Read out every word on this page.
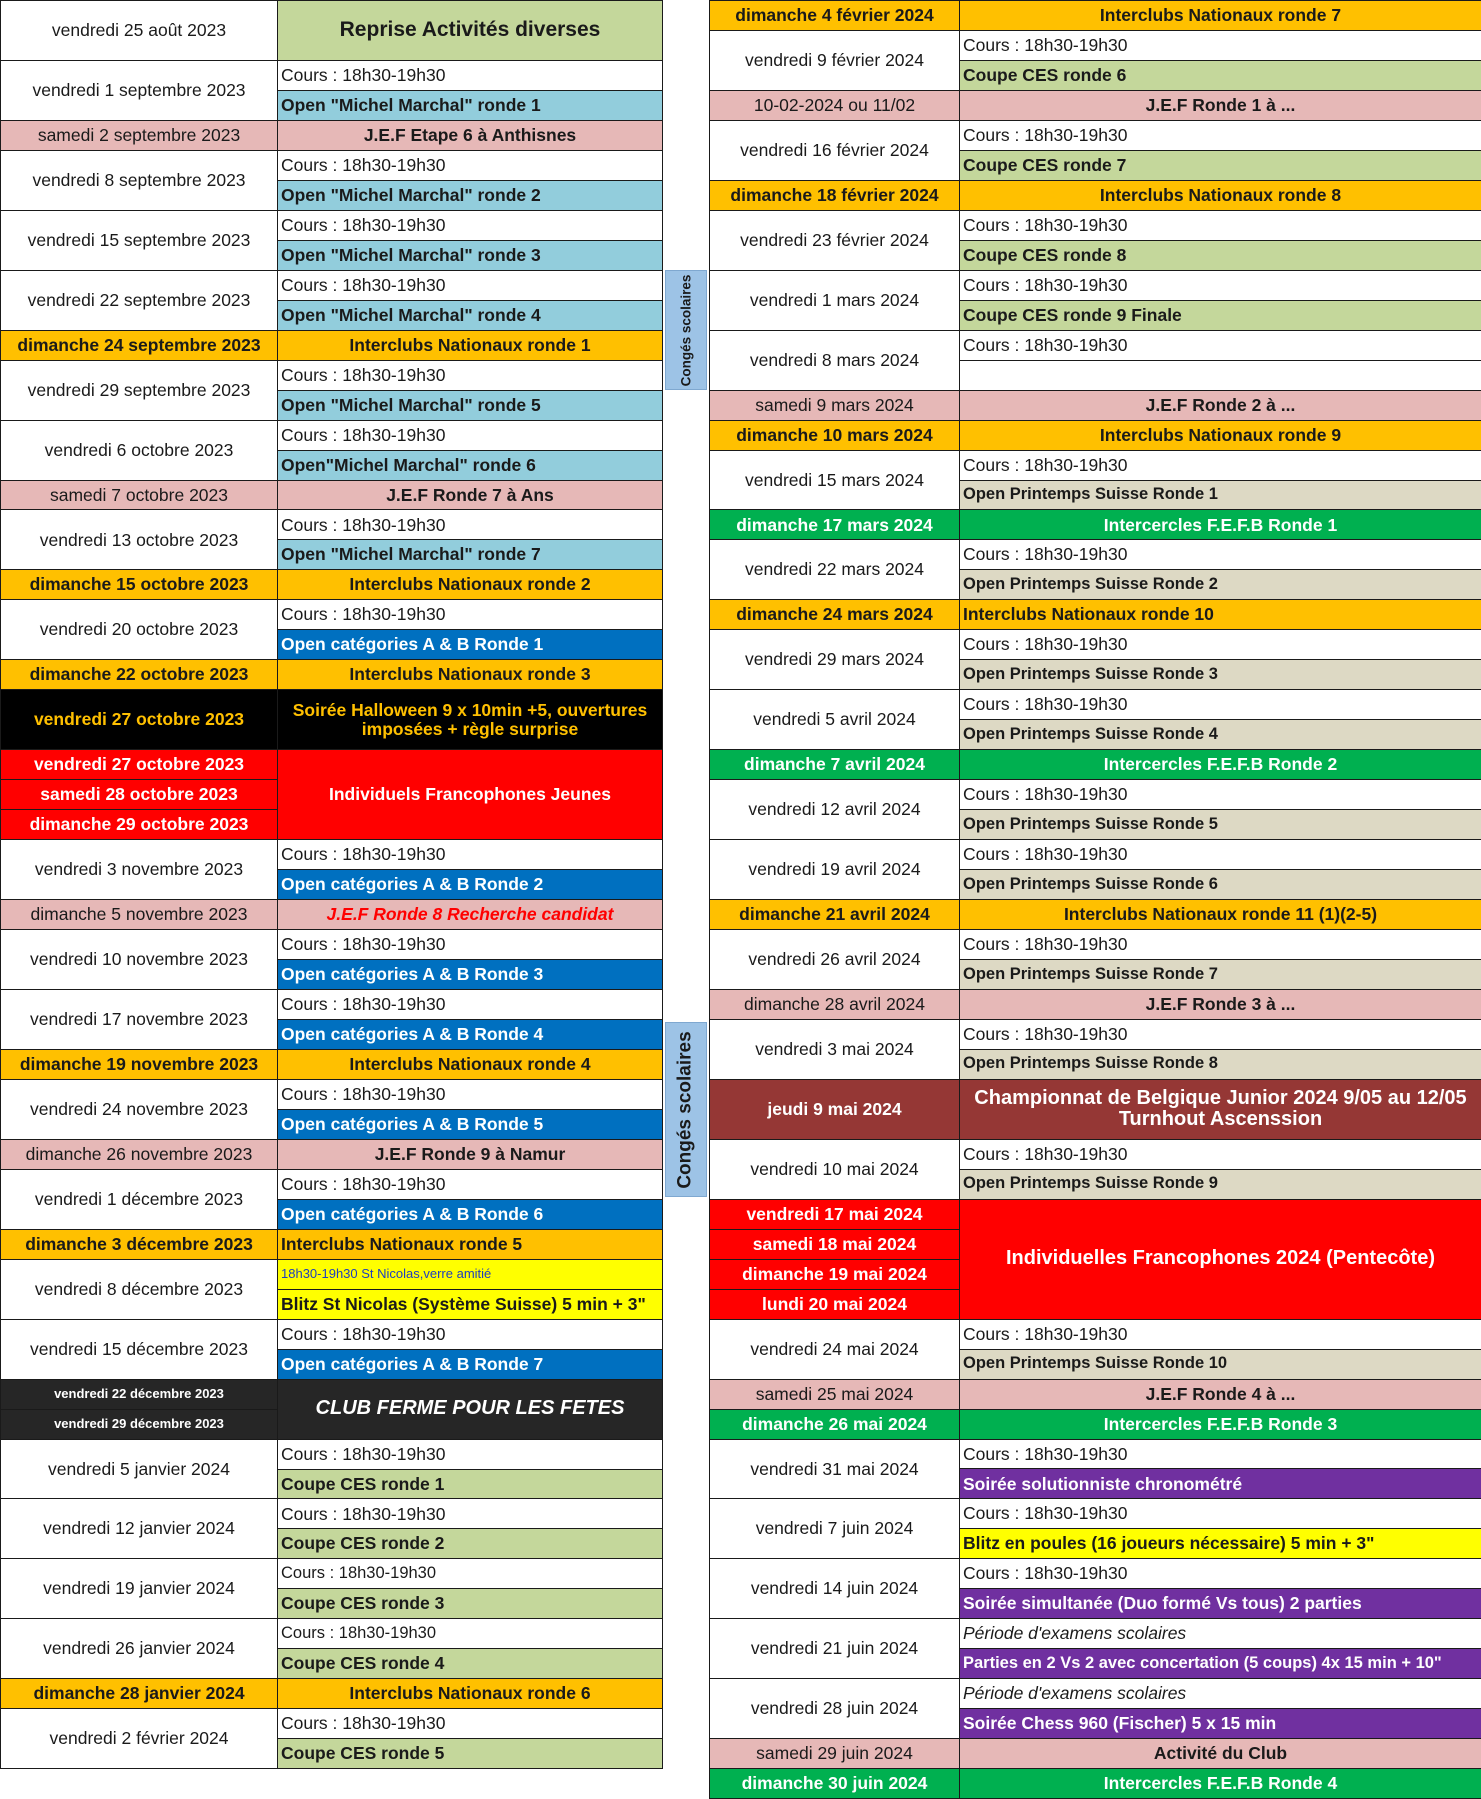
vendredi 25 août 2023	Reprise Activités diverses
vendredi 1 septembre 2023	Cours : 18h30-19h30
	Open "Michel Marchal" ronde 1
samedi 2 septembre 2023	J.E.F Etape 6 à Anthisnes
vendredi 8 septembre 2023	Cours : 18h30-19h30
	Open "Michel Marchal" ronde 2
vendredi 15 septembre 2023	Cours : 18h30-19h30
	Open "Michel Marchal" ronde 3
vendredi 22 septembre 2023	Cours : 18h30-19h30
	Open "Michel Marchal" ronde 4
dimanche 24 septembre 2023	Interclubs Nationaux ronde 1
vendredi 29 septembre 2023	Cours : 18h30-19h30
	Open "Michel Marchal" ronde 5
vendredi 6 octobre 2023	Cours : 18h30-19h30
	Open"Michel Marchal" ronde 6
samedi 7 octobre 2023	J.E.F Ronde 7 à Ans
vendredi 13 octobre 2023	Cours : 18h30-19h30
	Open "Michel Marchal" ronde 7
dimanche 15 octobre 2023	Interclubs Nationaux ronde 2
vendredi 20 octobre 2023	Cours : 18h30-19h30
	Open catégories A & B Ronde 1
dimanche 22 octobre 2023	Interclubs Nationaux ronde 3
vendredi 27 octobre 2023	Soirée Halloween 9 x 10min +5, ouvertures imposées + règle surprise
vendredi 27 octobre 2023	Individuels Francophones Jeunes
samedi 28 octobre 2023	
dimanche 29 octobre 2023	
vendredi 3 novembre 2023	Cours : 18h30-19h30
	Open catégories A & B Ronde 2
dimanche 5 novembre 2023	J.E.F Ronde 8 Recherche candidat
vendredi 10 novembre 2023	Cours : 18h30-19h30
	Open catégories A & B Ronde 3
vendredi 17 novembre 2023	Cours : 18h30-19h30
	Open catégories A & B Ronde 4
dimanche 19 novembre 2023	Interclubs Nationaux ronde 4
vendredi 24 novembre 2023	Cours : 18h30-19h30
	Open catégories A & B Ronde 5
dimanche 26 novembre 2023	J.E.F Ronde 9 à Namur
vendredi 1 décembre 2023	Cours : 18h30-19h30
	Open catégories A & B Ronde 6
dimanche 3 décembre 2023	Interclubs Nationaux ronde 5
vendredi 8 décembre 2023	18h30-19h30 St Nicolas,verre amitié
	Blitz St Nicolas (Système Suisse) 5 min + 3"
vendredi 15 décembre 2023	Cours : 18h30-19h30
	Open catégories A & B Ronde 7
vendredi 22 décembre 2023	CLUB FERME POUR LES FETES
vendredi 29 décembre 2023	
vendredi 5 janvier 2024	Cours : 18h30-19h30
	Coupe CES ronde 1
vendredi 12 janvier 2024	Cours : 18h30-19h30
	Coupe CES ronde 2
vendredi 19 janvier 2024	Cours : 18h30-19h30
	Coupe CES ronde 3
vendredi 26 janvier 2024	Cours : 18h30-19h30
	Coupe CES ronde 4
dimanche 28 janvier 2024	Interclubs Nationaux ronde 6
vendredi 2 février 2024	Cours : 18h30-19h30
	Coupe CES ronde 5
Congés scolaires
Congés scolaires
dimanche 4 février 2024	Interclubs Nationaux ronde 7
vendredi 9 février 2024	Cours : 18h30-19h30
	Coupe CES ronde 6
10-02-2024 ou 11/02	J.E.F Ronde 1 à ...
vendredi 16 février 2024	Cours : 18h30-19h30
	Coupe CES ronde 7
dimanche 18 février 2024	Interclubs Nationaux ronde 8
vendredi 23 février 2024	Cours : 18h30-19h30
	Coupe CES ronde 8
vendredi 1 mars 2024	Cours : 18h30-19h30
	Coupe CES ronde 9 Finale
vendredi 8 mars 2024	Cours : 18h30-19h30

samedi 9 mars 2024	J.E.F Ronde 2 à ...
dimanche 10 mars 2024	Interclubs Nationaux ronde 9
vendredi 15 mars 2024	Cours : 18h30-19h30
	Open Printemps Suisse Ronde 1
dimanche 17 mars 2024	Intercercles F.E.F.B Ronde 1
vendredi 22 mars 2024	Cours : 18h30-19h30
	Open Printemps Suisse Ronde 2
dimanche 24 mars 2024	Interclubs Nationaux ronde 10
vendredi 29 mars 2024	Cours : 18h30-19h30
	Open Printemps Suisse Ronde 3
vendredi 5 avril 2024	Cours : 18h30-19h30
	Open Printemps Suisse Ronde 4
dimanche 7 avril 2024	Intercercles F.E.F.B Ronde 2
vendredi 12 avril 2024	Cours : 18h30-19h30
	Open Printemps Suisse Ronde 5
vendredi 19 avril 2024	Cours : 18h30-19h30
	Open Printemps Suisse Ronde 6
dimanche 21 avril 2024	Interclubs Nationaux ronde 11 (1)(2-5)
vendredi 26 avril 2024	Cours : 18h30-19h30
	Open Printemps Suisse Ronde 7
dimanche 28 avril 2024	J.E.F Ronde 3 à ...
vendredi 3 mai 2024	Cours : 18h30-19h30
	Open Printemps Suisse Ronde 8
jeudi 9 mai 2024	Championnat de Belgique Junior 2024 9/05 au 12/05 Turnhout Ascenssion
vendredi 10 mai 2024	Cours : 18h30-19h30
	Open Printemps Suisse Ronde 9
vendredi 17 mai 2024	Individuelles Francophones 2024 (Pentecôte)
samedi 18 mai 2024	
dimanche 19 mai 2024	
lundi 20 mai 2024	
vendredi 24 mai 2024	Cours : 18h30-19h30
	Open Printemps Suisse Ronde 10
samedi 25 mai 2024	J.E.F Ronde 4 à ...
dimanche 26 mai 2024	Intercercles F.E.F.B Ronde 3
vendredi 31 mai 2024	Cours : 18h30-19h30
	Soirée solutionniste chronométré
vendredi 7 juin 2024	Cours : 18h30-19h30
	Blitz en poules (16 joueurs nécessaire) 5 min + 3"
vendredi 14 juin 2024	Cours : 18h30-19h30
	Soirée simultanée (Duo formé Vs tous) 2 parties
vendredi 21 juin 2024	Période d'examens scolaires
	Parties en 2 Vs 2 avec concertation (5 coups) 4x 15 min + 10"
vendredi 28 juin 2024	Période d'examens scolaires
	Soirée Chess 960 (Fischer) 5 x 15 min
samedi 29 juin 2024	Activité du Club
dimanche 30 juin 2024	Intercercles F.E.F.B Ronde 4
